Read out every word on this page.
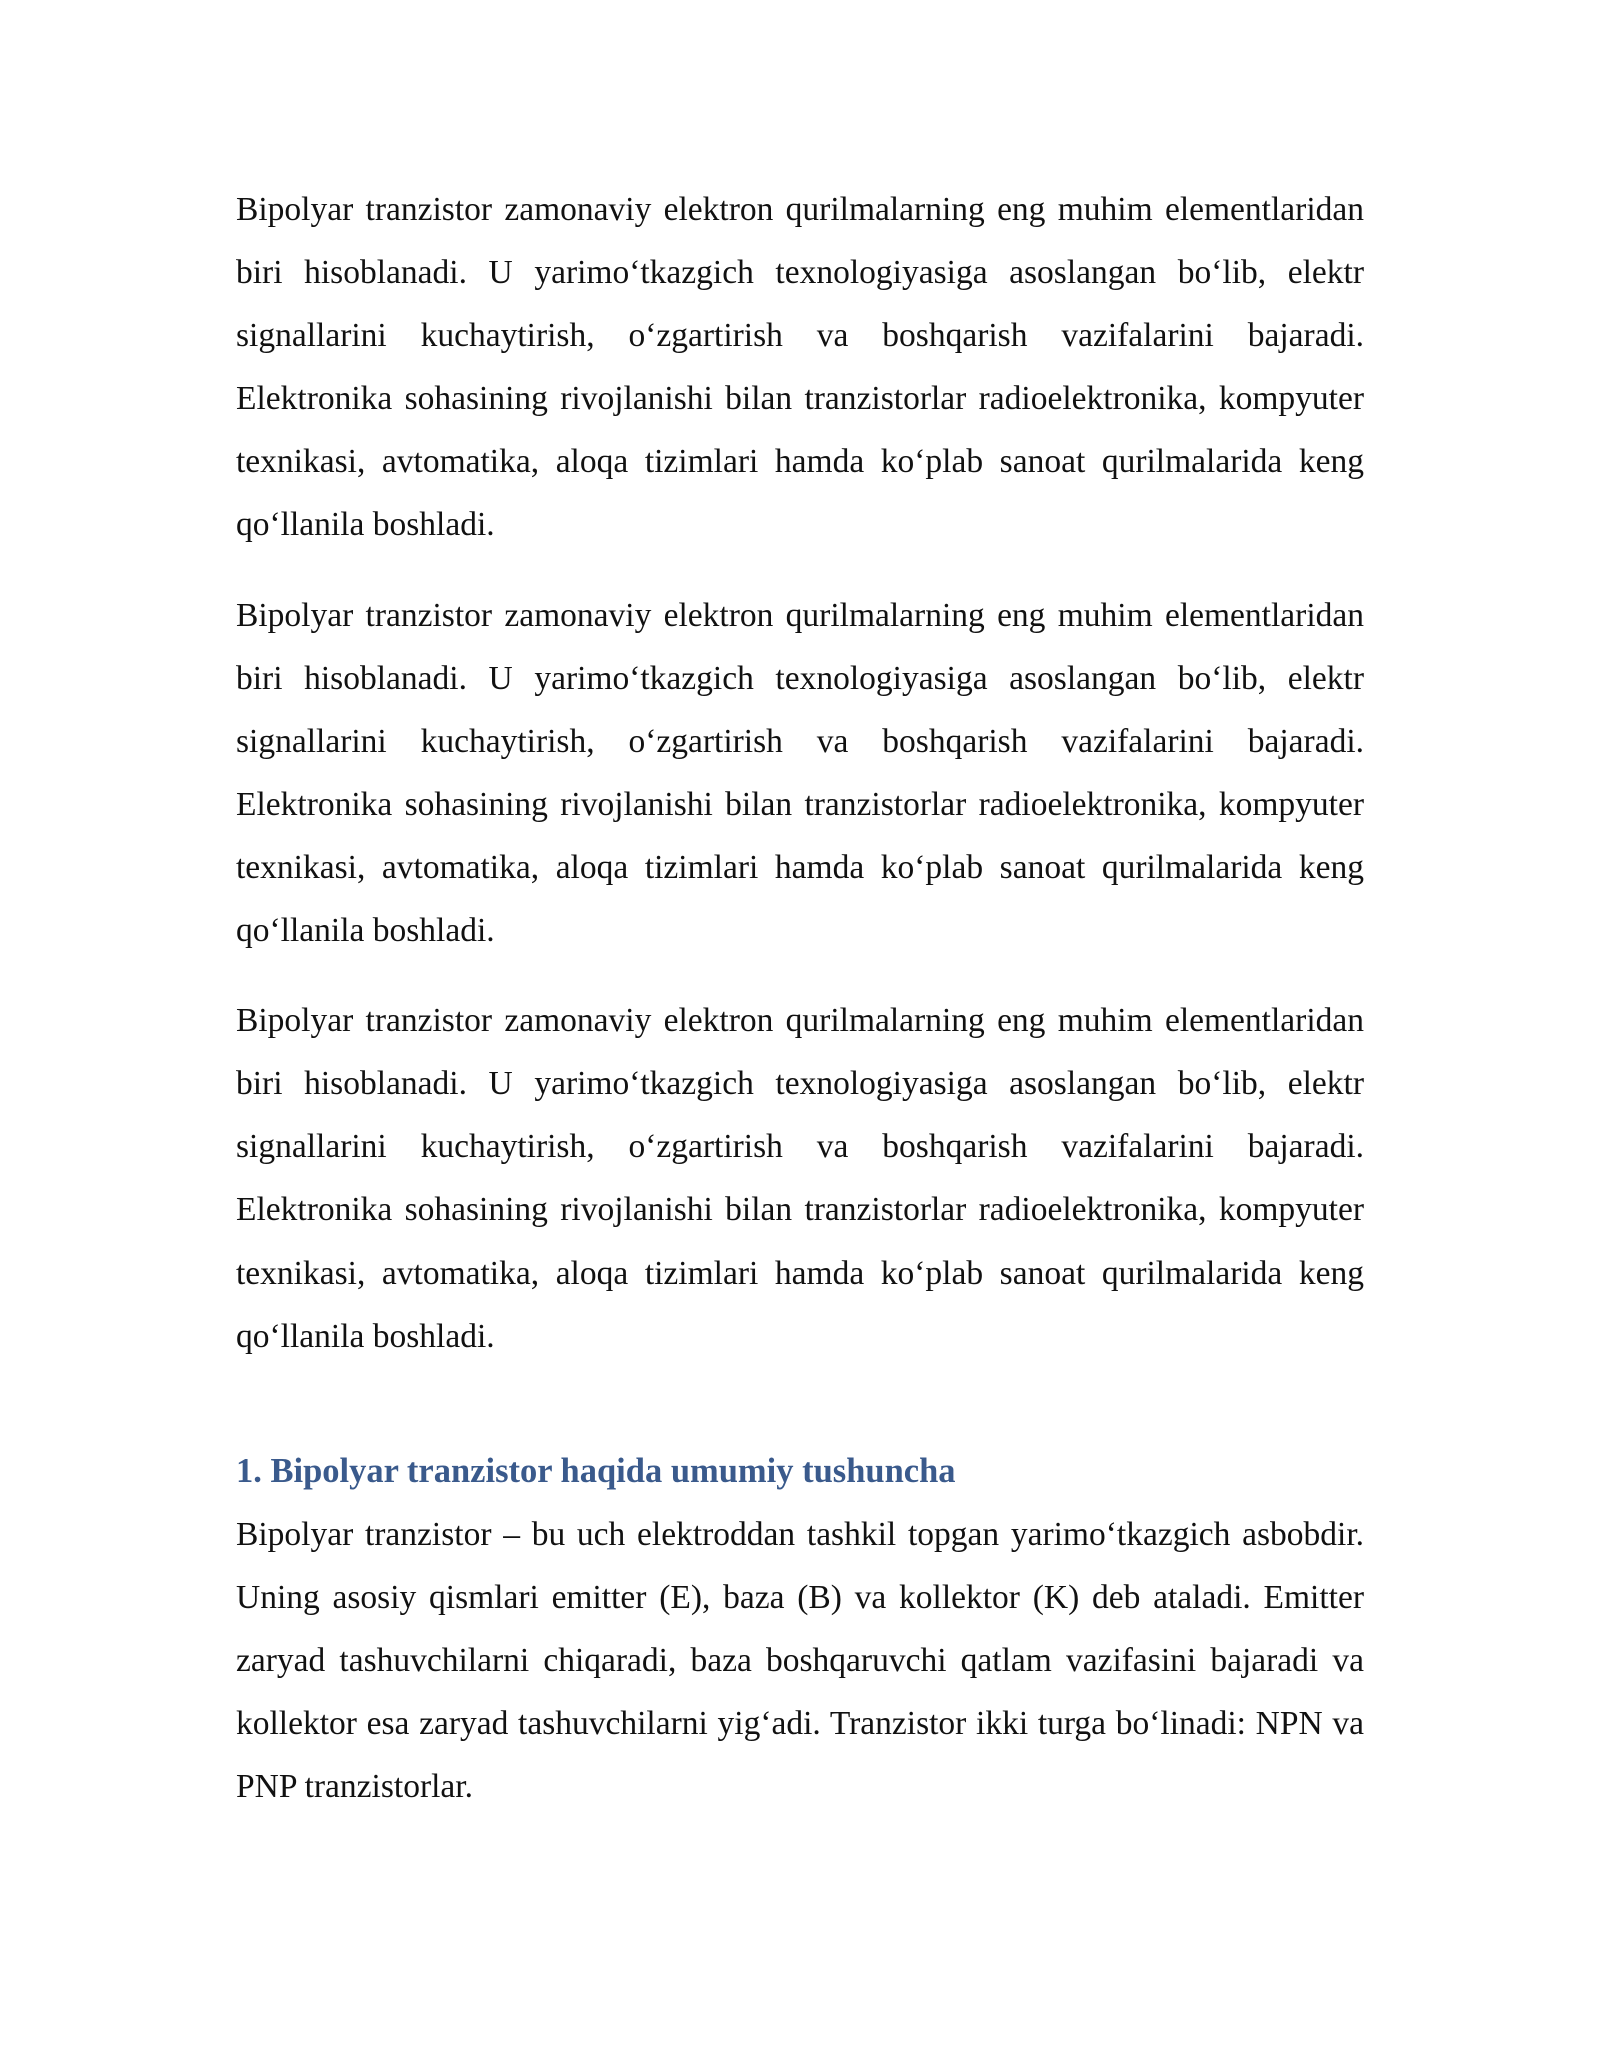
Bipolyar tranzistor zamonaviy elektron qurilmalarning eng muhim elementlaridan biri hisoblanadi. U yarimo‘tkazgich texnologiyasiga asoslangan bo‘lib, elektr signallarini kuchaytirish, o‘zgartirish va boshqarish vazifalarini bajaradi. Elektronika sohasining rivojlanishi bilan tranzistorlar radioelektronika, kompyuter texnikasi, avtomatika, aloqa tizimlari hamda ko‘plab sanoat qurilmalarida keng qo‘llanila boshladi.

Bipolyar tranzistor zamonaviy elektron qurilmalarning eng muhim elementlaridan biri hisoblanadi. U yarimo‘tkazgich texnologiyasiga asoslangan bo‘lib, elektr signallarini kuchaytirish, o‘zgartirish va boshqarish vazifalarini bajaradi. Elektronika sohasining rivojlanishi bilan tranzistorlar radioelektronika, kompyuter texnikasi, avtomatika, aloqa tizimlari hamda ko‘plab sanoat qurilmalarida keng qo‘llanila boshladi.

Bipolyar tranzistor zamonaviy elektron qurilmalarning eng muhim elementlaridan biri hisoblanadi. U yarimo‘tkazgich texnologiyasiga asoslangan bo‘lib, elektr signallarini kuchaytirish, o‘zgartirish va boshqarish vazifalarini bajaradi. Elektronika sohasining rivojlanishi bilan tranzistorlar radioelektronika, kompyuter texnikasi, avtomatika, aloqa tizimlari hamda ko‘plab sanoat qurilmalarida keng qo‘llanila boshladi.

1. Bipolyar tranzistor haqida umumiy tushuncha

Bipolyar tranzistor – bu uch elektroddan tashkil topgan yarimo‘tkazgich asbobdir. Uning asosiy qismlari emitter (E), baza (B) va kollektor (K) deb ataladi. Emitter zaryad tashuvchilarni chiqaradi, baza boshqaruvchi qatlam vazifasini bajaradi va kollektor esa zaryad tashuvchilarni yig‘adi. Tranzistor ikki turga bo‘linadi: NPN va PNP tranzistorlar.
